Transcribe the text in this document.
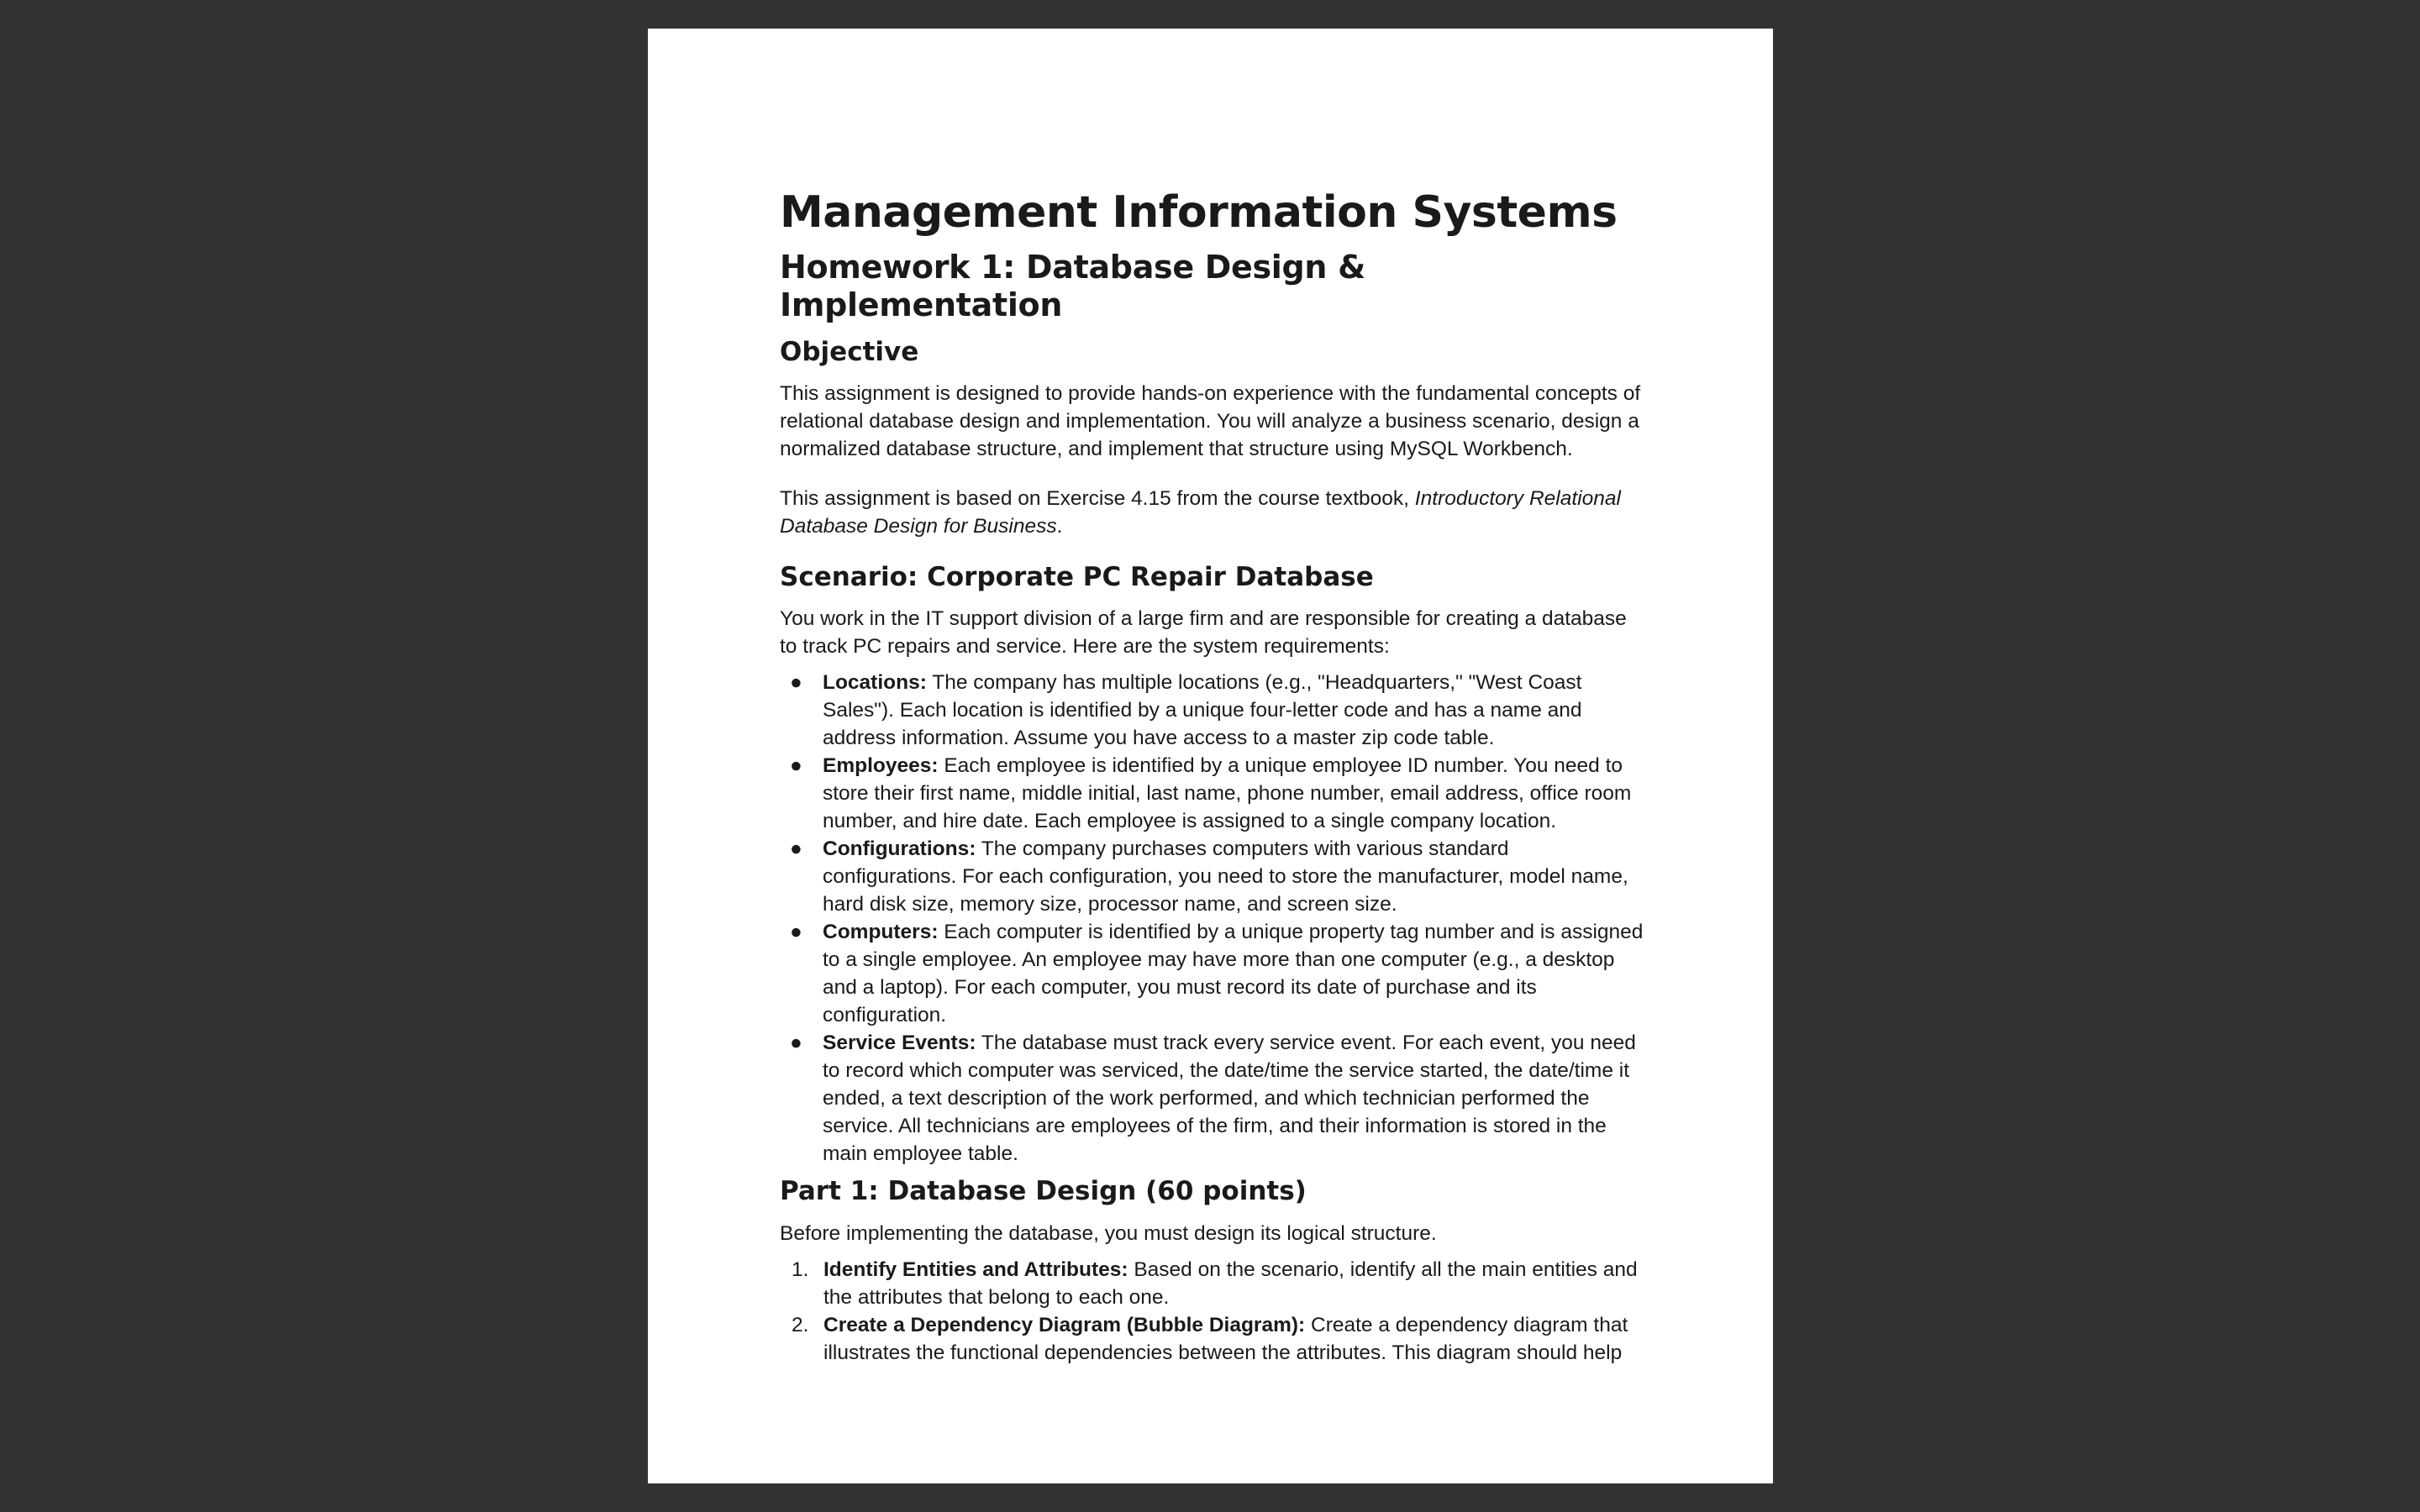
Management Information Systems
Homework 1: Database Design & Implementation
Objective

This assignment is designed to provide hands-on experience with the fundamental concepts of relational database design and implementation. You will analyze a business scenario, design a normalized database structure, and implement that structure using MySQL Workbench.

This assignment is based on Exercise 4.15 from the course textbook, Introductory Relational Database Design for Business.

Scenario: Corporate PC Repair Database

You work in the IT support division of a large firm and are responsible for creating a database to track PC repairs and service. Here are the system requirements:

● Locations: The company has multiple locations (e.g., "Headquarters," "West Coast Sales"). Each location is identified by a unique four-letter code and has a name and address information. Assume you have access to a master zip code table.
● Employees: Each employee is identified by a unique employee ID number. You need to store their first name, middle initial, last name, phone number, email address, office room number, and hire date. Each employee is assigned to a single company location.
● Configurations: The company purchases computers with various standard configurations. For each configuration, you need to store the manufacturer, model name, hard disk size, memory size, processor name, and screen size.
● Computers: Each computer is identified by a unique property tag number and is assigned to a single employee. An employee may have more than one computer (e.g., a desktop and a laptop). For each computer, you must record its date of purchase and its configuration.
● Service Events: The database must track every service event. For each event, you need to record which computer was serviced, the date/time the service started, the date/time it ended, a text description of the work performed, and which technician performed the service. All technicians are employees of the firm, and their information is stored in the main employee table.
Part 1: Database Design (60 points)

Before implementing the database, you must design its logical structure.

1. Identify Entities and Attributes: Based on the scenario, identify all the main entities and the attributes that belong to each one.
2. Create a Dependency Diagram (Bubble Diagram): Create a dependency diagram that illustrates the functional dependencies between the attributes. This diagram should help
